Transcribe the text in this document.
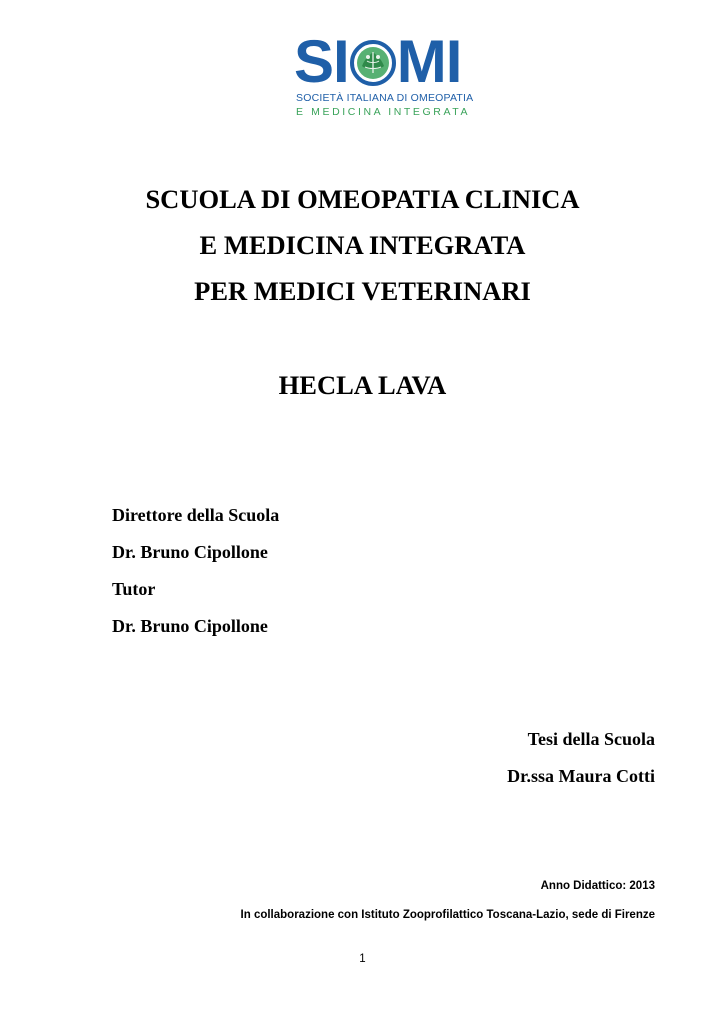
S I M I
SOCIETÀ ITALIANA DI OMEOPATIA
E MEDICINA INTEGRATA
SCUOLA DI OMEOPATIA CLINICA
E MEDICINA INTEGRATA
PER MEDICI VETERINARI
HECLA LAVA
Direttore della Scuola
Dr. Bruno Cipollone
Tutor
Dr. Bruno Cipollone
Tesi della Scuola
Dr.ssa Maura Cotti
Anno Didattico: 2013
In collaborazione con Istituto Zooprofilattico Toscana-Lazio, sede di Firenze
1
